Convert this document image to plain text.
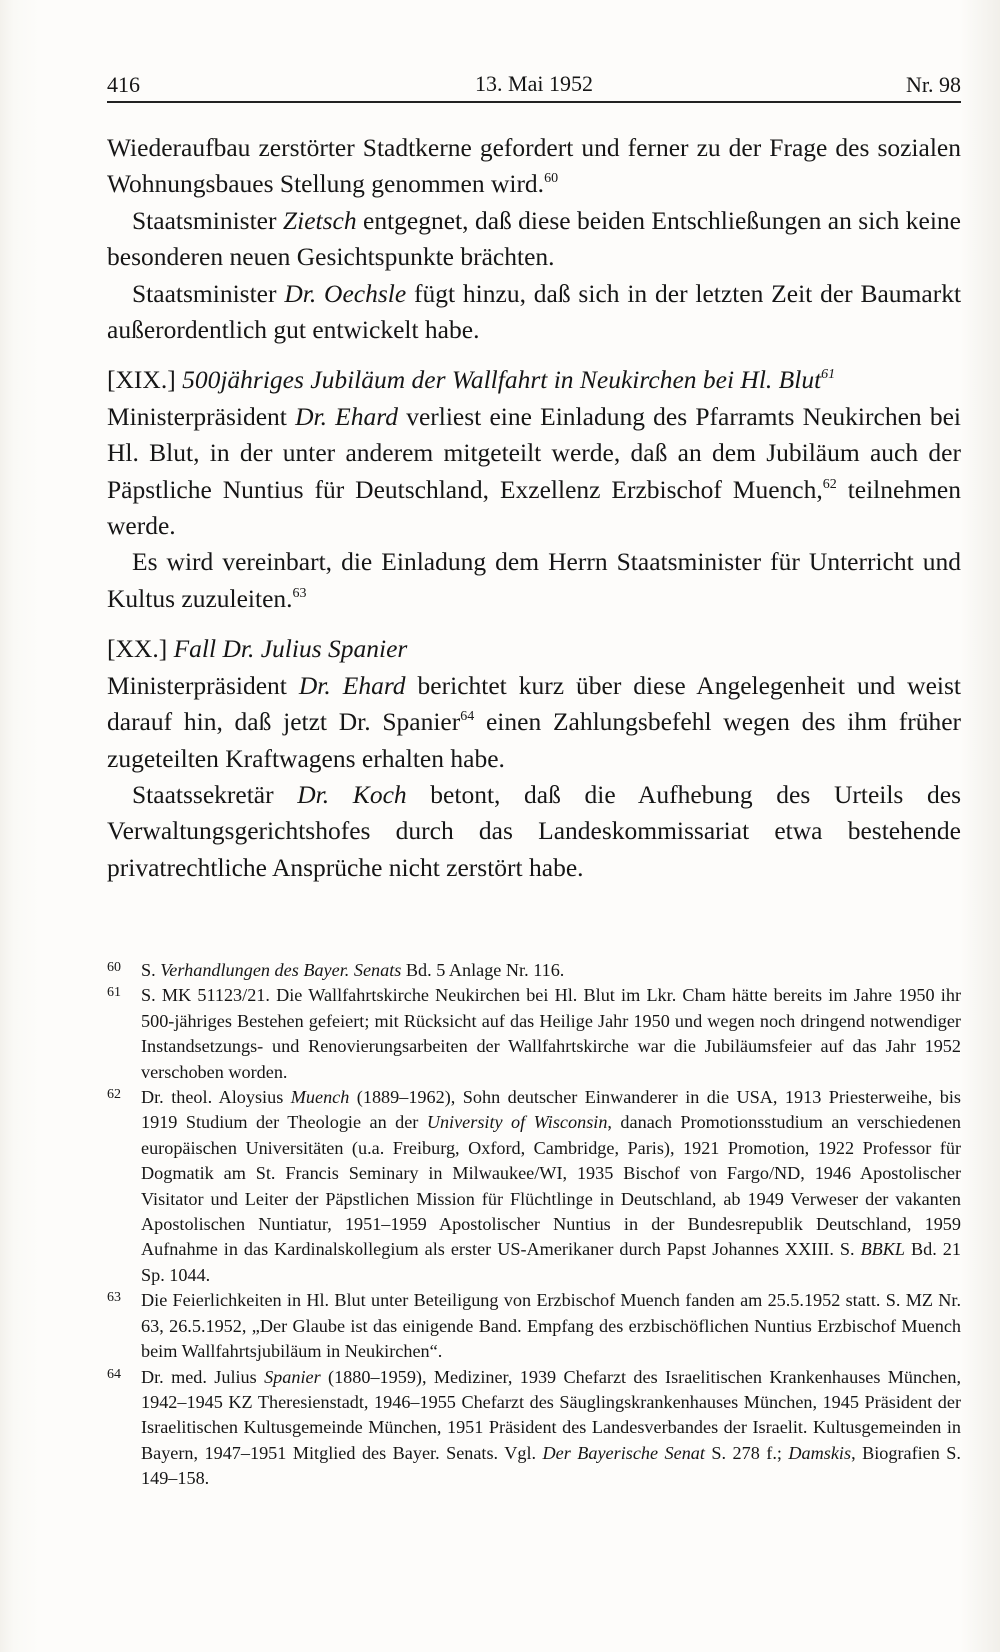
416	13. Mai 1952	Nr. 98

Wiederaufbau zerstörter Stadtkerne gefordert und ferner zu der Frage des sozialen Wohnungsbaues Stellung genommen wird.$^{60}$

Staatsminister Zietsch entgegnet, daß diese beiden Entschließungen an sich keine besonderen neuen Gesichtspunkte brächten.

Staatsminister Dr. Oechsle fügt hinzu, daß sich in der letzten Zeit der Baumarkt außerordentlich gut entwickelt habe.

[XIX.] 500jähriges Jubiläum der Wallfahrt in Neukirchen bei Hl. Blut$^{61}$

Ministerpräsident Dr. Ehard verliest eine Einladung des Pfarramts Neukirchen bei Hl. Blut, in der unter anderem mitgeteilt werde, daß an dem Jubiläum auch der Päpstliche Nuntius für Deutschland, Exzellenz Erzbischof Muench,$^{62}$ teilnehmen werde.

Es wird vereinbart, die Einladung dem Herrn Staatsminister für Unterricht und Kultus zuzuleiten.$^{63}$

[XX.] Fall Dr. Julius Spanier

Ministerpräsident Dr. Ehard berichtet kurz über diese Angelegenheit und weist darauf hin, daß jetzt Dr. Spanier$^{64}$ einen Zahlungsbefehl wegen des ihm früher zugeteilten Kraftwagens erhalten habe.

Staatssekretär Dr. Koch betont, daß die Aufhebung des Urteils des Verwaltungsgerichtshofes durch das Landeskommissariat etwa bestehende privatrechtliche Ansprüche nicht zerstört habe.

60 S. Verhandlungen des Bayer. Senats Bd. 5 Anlage Nr. 116.

61 S. MK 51123/21. Die Wallfahrtskirche Neukirchen bei Hl. Blut im Lkr. Cham hätte bereits im Jahre 1950 ihr 500-jähriges Bestehen gefeiert; mit Rücksicht auf das Heilige Jahr 1950 und wegen noch dringend notwendiger Instandsetzungs- und Renovierungsarbeiten der Wallfahrtskirche war die Jubiläumsfeier auf das Jahr 1952 verschoben worden.

62 Dr. theol. Aloysius Muench (1889–1962), Sohn deutscher Einwanderer in die USA, 1913 Priesterweihe, bis 1919 Studium der Theologie an der University of Wisconsin, danach Promotionsstudium an verschiedenen europäischen Universitäten (u.a. Freiburg, Oxford, Cambridge, Paris), 1921 Promotion, 1922 Professor für Dogmatik am St. Francis Seminary in Milwaukee/WI, 1935 Bischof von Fargo/ND, 1946 Apostolischer Visitator und Leiter der Päpstlichen Mission für Flüchtlinge in Deutschland, ab 1949 Verweser der vakanten Apostolischen Nuntiatur, 1951–1959 Apostolischer Nuntius in der Bundesrepublik Deutschland, 1959 Aufnahme in das Kardinalskollegium als erster US-Amerikaner durch Papst Johannes XXIII. S. BBKL Bd. 21 Sp. 1044.

63 Die Feierlichkeiten in Hl. Blut unter Beteiligung von Erzbischof Muench fanden am 25.5.1952 statt. S. MZ Nr. 63, 26.5.1952, „Der Glaube ist das einigende Band. Empfang des erzbischöflichen Nuntius Erzbischof Muench beim Wallfahrtsjubiläum in Neukirchen“.

64 Dr. med. Julius Spanier (1880–1959), Mediziner, 1939 Chefarzt des Israelitischen Krankenhauses München, 1942–1945 KZ Theresienstadt, 1946–1955 Chefarzt des Säuglingskrankenhauses München, 1945 Präsident der Israelitischen Kultusgemeinde München, 1951 Präsident des Landesverbandes der Israelit. Kultusgemeinden in Bayern, 1947–1951 Mitglied des Bayer. Senats. Vgl. Der Bayerische Senat S. 278 f.; Damskis, Biografien S. 149–158.
